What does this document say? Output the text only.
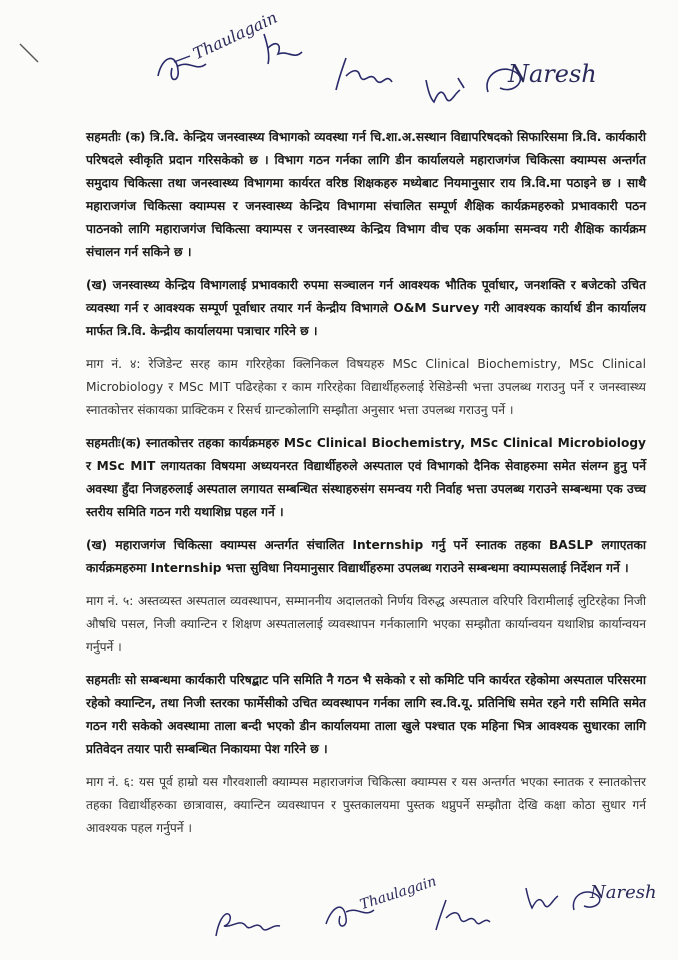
Thaulagain
Naresh

सहमतीः (क) त्रि.वि. केन्द्रिय जनस्वास्थ्य विभागको व्यवस्था गर्न चि.शा.अ.सस्थान विद्यापरिषदको सिफारिसमा त्रि.वि. कार्यकारी परिषदले स्वीकृति प्रदान गरिसकेको छ । विभाग गठन गर्नका लागि डीन कार्यालयले महाराजगंज चिकित्सा क्याम्पस अन्तर्गत समुदाय चिकित्सा तथा जनस्वास्थ्य विभागमा कार्यरत वरिष्ठ शिक्षकहरु मध्येबाट नियमानुसार राय त्रि.वि.मा पठाइने छ । साथै महाराजगंज चिकित्सा क्याम्पस र जनस्वास्थ्य केन्द्रिय विभागमा संचालित सम्पूर्ण शैक्षिक कार्यक्रमहरुको प्रभावकारी पठन पाठनको लागि महाराजगंज चिकित्सा क्याम्पस र जनस्वास्थ्य केन्द्रिय विभाग वीच एक अर्कामा समन्वय गरी शैक्षिक कार्यक्रम संचालन गर्न सकिने छ ।

(ख) जनस्वास्थ्य केन्द्रिय विभागलाई प्रभावकारी रुपमा सञ्चालन गर्न आवश्यक भौतिक पूर्वाधार, जनशक्ति र बजेटको उचित व्यवस्था गर्न र आवश्यक सम्पूर्ण पूर्वाधार तयार गर्न केन्द्रीय विभागले O&M Survey गरी आवश्यक कार्यार्थ डीन कार्यालय मार्फत त्रि.वि. केन्द्रीय कार्यालयमा पत्राचार गरिने छ ।

माग नं. ४: रेजिडेन्ट सरह काम गरिरहेका क्लिनिकल विषयहरु MSc Clinical Biochemistry, MSc Clinical Microbiology र MSc MIT पढिरहेका र काम गरिरहेका विद्यार्थीहरुलाई रेसिडेन्सी भत्ता उपलब्ध गराउनु पर्ने र जनस्वास्थ्य स्नातकोत्तर संकायका प्राक्टिकम र रिसर्च ग्रान्टकोलागि सम्झौता अनुसार भत्ता उपलब्ध गराउनु पर्ने ।

सहमतीः(क) स्नातकोत्तर तहका कार्यक्रमहरु MSc Clinical Biochemistry, MSc Clinical Microbiology र MSc MIT लगायतका विषयमा अध्ययनरत विद्यार्थीहरुले अस्पताल एवं विभागको दैनिक सेवाहरुमा समेत संलग्न हुनु पर्ने अवस्था हुँदा निजहरुलाई अस्पताल लगायत सम्बन्धित संस्थाहरुसंग समन्वय गरी निर्वाह भत्ता उपलब्ध गराउने सम्बन्धमा एक उच्च स्तरीय समिति गठन गरी यथाशिघ्र पहल गर्ने ।

(ख) महाराजगंज चिकित्सा क्याम्पस अन्तर्गत संचालित Internship गर्नु पर्ने स्नातक तहका BASLP लगाएतका कार्यक्रमहरुमा Internship भत्ता सुविधा नियमानुसार विद्यार्थीहरुमा उपलब्ध गराउने सम्बन्धमा क्याम्पसलाई निर्देशन गर्ने ।

माग नं. ५: अस्तव्यस्त अस्पताल व्यवस्थापन, सम्माननीय अदालतको निर्णय विरुद्ध अस्पताल वरिपरि विरामीलाई लुटिरहेका निजी औषधि पसल, निजी क्यान्टिन र शिक्षण अस्पताललाई व्यवस्थापन गर्नकालागि भएका सम्झौता कार्यान्वयन यथाशिघ्र कार्यान्वयन गर्नुपर्ने ।

सहमतीः सो सम्बन्धमा कार्यकारी परिषद्बाट पनि समिति नै गठन भै सकेको र सो कमिटि पनि कार्यरत रहेकोमा अस्पताल परिसरमा रहेको क्यान्टिन, तथा निजी स्तरका फार्मेसीको उचित व्यवस्थापन गर्नका लागि स्व.वि.यू. प्रतिनिधि समेत रहने गरी समिति समेत गठन गरी सकेको अवस्थामा ताला बन्दी भएको डीन कार्यालयमा ताला खुले पश्चात एक महिना भित्र आवश्यक सुधारका लागि प्रतिवेदन तयार पारी सम्बन्धित निकायमा पेश गरिने छ ।

माग नं. ६: यस पूर्व हाम्रो यस गौरवशाली क्याम्पस महाराजगंज चिकित्सा क्याम्पस र यस अन्तर्गत भएका स्नातक र स्नातकोत्तर तहका विद्यार्थीहरुका छात्रावास, क्यान्टिन व्यवस्थापन र पुस्तकालयमा पुस्तक थप्नुपर्ने सम्झौता देखि कक्षा कोठा सुधार गर्न आवश्यक पहल गर्नुपर्ने ।

Thaulagain	Naresh
